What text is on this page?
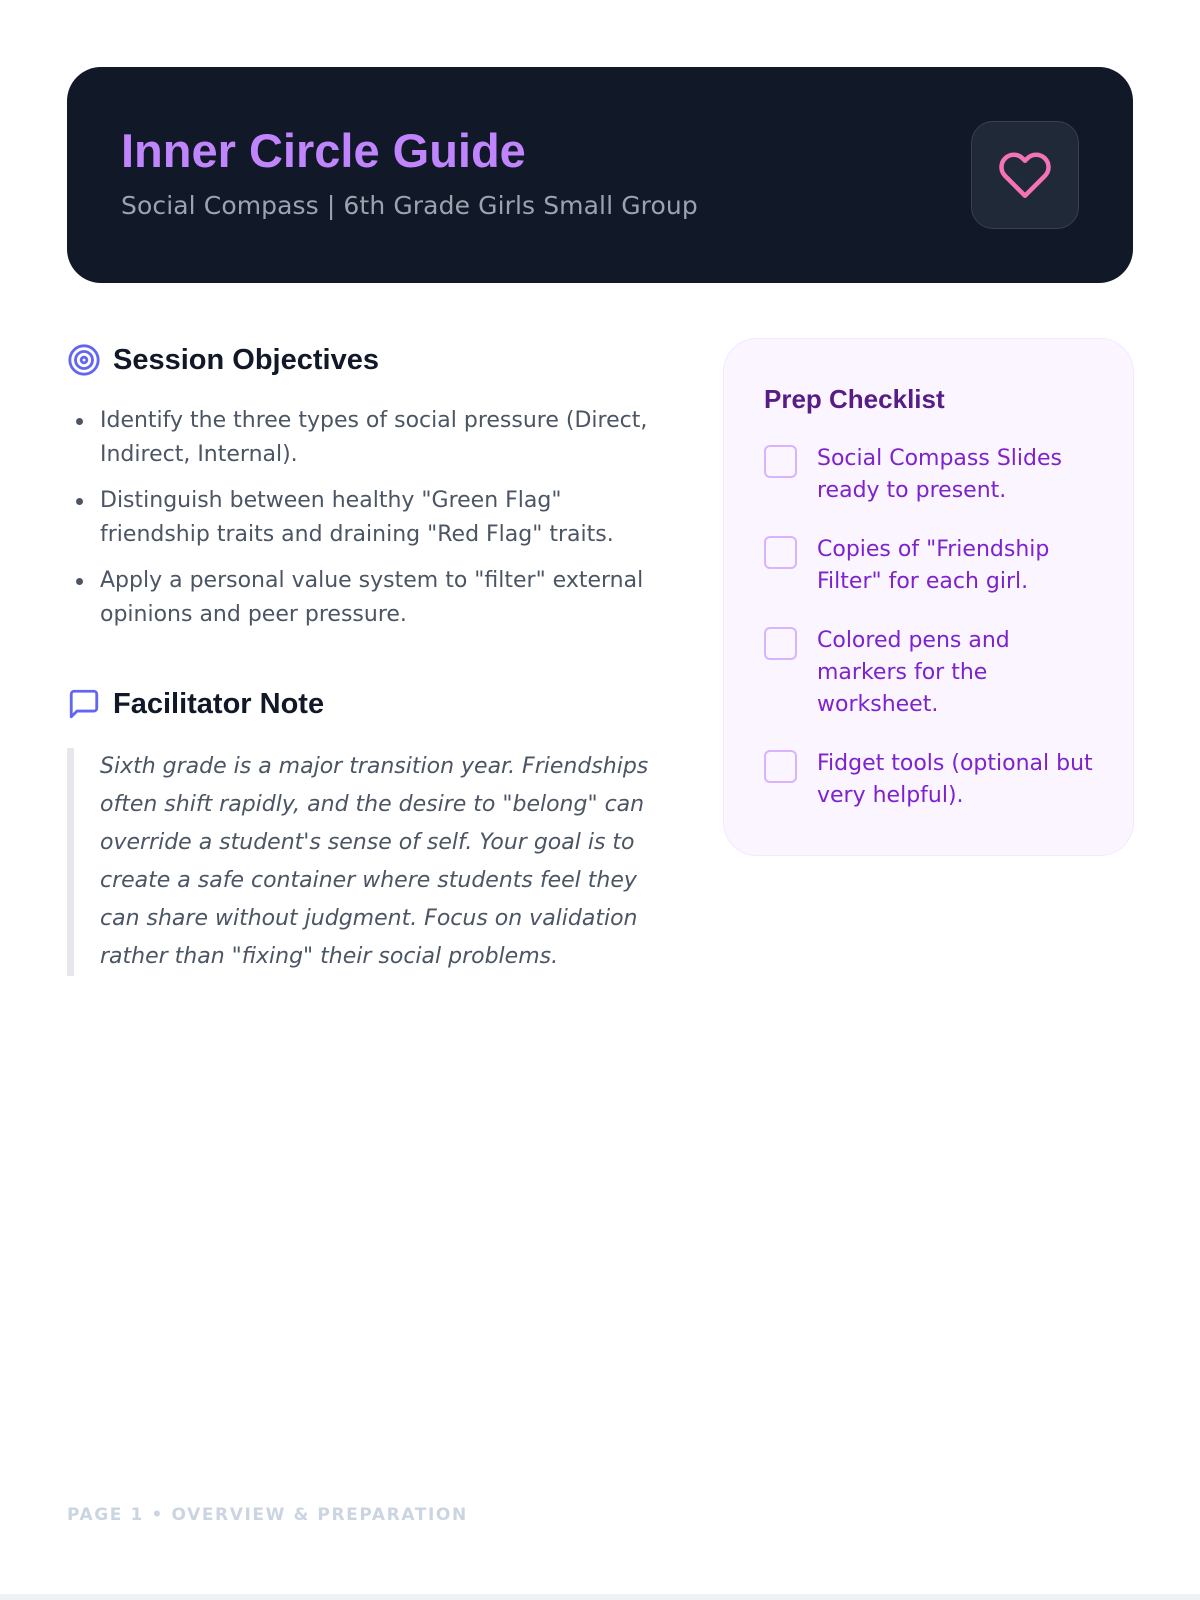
Inner Circle Guide

Social Compass | 6th Grade Girls Small Group

Session Objectives
Identify the three types of social pressure (Direct, Indirect, Internal).
Distinguish between healthy "Green Flag" friendship traits and draining "Red Flag" traits.
Apply a personal value system to "filter" external opinions and peer pressure.
Facilitator Note
Sixth grade is a major transition year. Friendships often shift rapidly, and the desire to "belong" can override a student's sense of self. Your goal is to create a safe container where students feel they can share without judgment. Focus on validation rather than "fixing" their social problems.
Prep Checklist
Social Compass Slides ready to present.
Copies of "Friendship Filter" for each girl.
Colored pens and markers for the worksheet.
Fidget tools (optional but very helpful).
PAGE 1 • OVERVIEW & PREPARATION
